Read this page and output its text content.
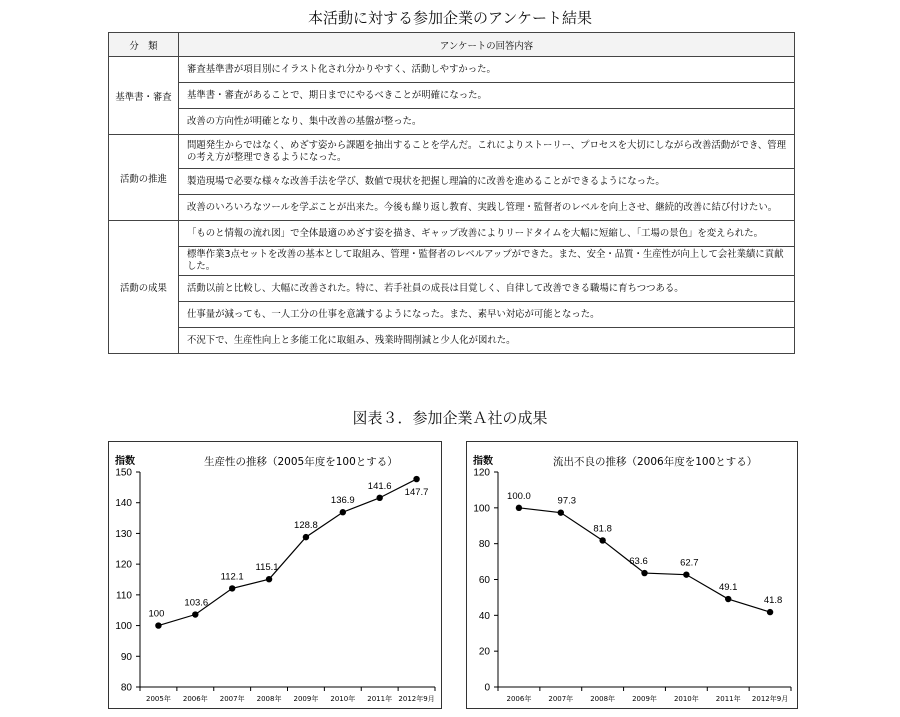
本活動に対する参加企業のアンケート結果
分　類	アンケートの回答内容
基準書・審査	審査基準書が項目別にイラスト化され分かりやすく、活動しやすかった。
	基準書・審査があることで、期日までにやるべきことが明確になった。
	改善の方向性が明確となり、集中改善の基盤が整った。
活動の推進	問題発生からではなく、めざす姿から課題を抽出することを学んだ。これによりストーリー、プロセスを大切にしながら改善活動ができ、管理の考え方が整理できるようになった。
	製造現場で必要な様々な改善手法を学び、数値で現状を把握し理論的に改善を進めることができるようになった。
	改善のいろいろなツールを学ぶことが出来た。今後も繰り返し教育、実践し管理・監督者のレベルを向上させ、継続的改善に結び付けたい。
活動の成果	「ものと情報の流れ図」で全体最適のめざす姿を描き、ギャップ改善によりリードタイムを大幅に短縮し、「工場の景色」を変えられた。
	標準作業3点セットを改善の基本として取組み、管理・監督者のレベルアップができた。また、安全・品質・生産性が向上して会社業績に貢献した。
	活動以前と比較し、大幅に改善された。特に、若手社員の成長は目覚しく、自律して改善できる職場に育ちつつある。
	仕事量が減っても、一人工分の仕事を意識するようになった。また、素早い対応が可能となった。
	不況下で、生産性向上と多能工化に取組み、残業時間削減と少人化が図れた。
図表３．参加企業Ａ社の成果
指数	生産性の推移（2005年度を100とする）
80
90
100
110
120
130
140
150
2005年 2006年 2007年 2008年 2009年 2010年 2011年 2012年9月
100
103.6
112.1
115.1
128.8
136.9
141.6
147.7
指数	流出不良の推移（2006年度を100とする）
0
20
40
60
80
100
120
2006年 2007年 2008年 2009年 2010年 2011年 2012年9月
100.0	97.3
81.8
63.6	62.7
49.1
41.8
